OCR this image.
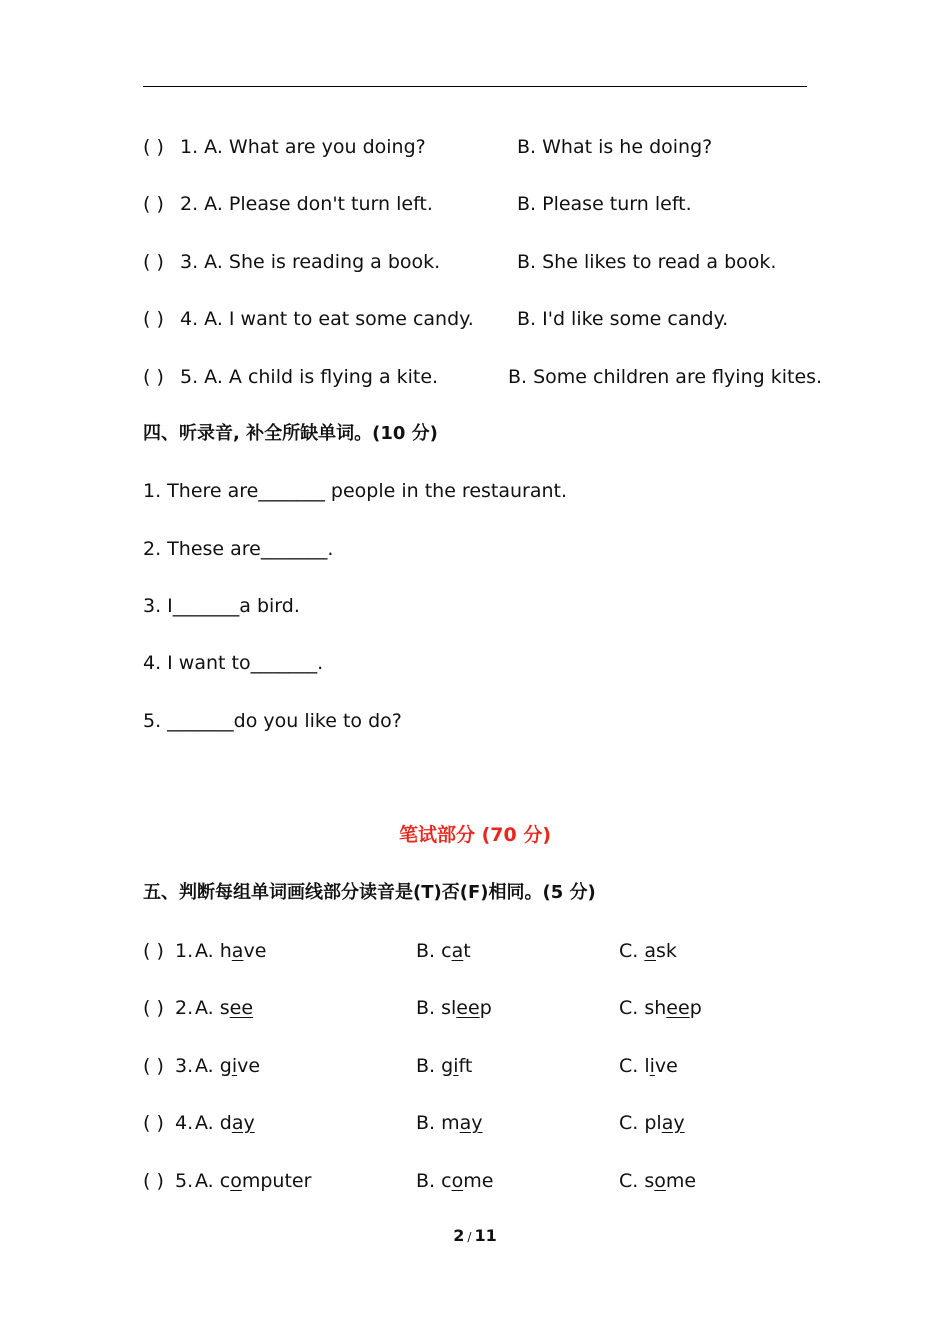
( ) 1. A. What are you doing?	B. What is he doing?
( ) 2. A. Please don't turn left.	B. Please turn left.
( ) 3. A. She is reading a book.	B. She likes to read a book.
( ) 4. A. I want to eat some candy. B. I'd like some candy.
( ) 5. A. A child is flying a kite.	B. Some children are flying kites.
四、听录音, 补全所缺单词。(10 分)
1. There are_______ people in the restaurant.
2. These are_______.
3. I_______a bird.
4. I want to_______.
5. _______do you like to do?
笔试部分 (70 分)
五、判断每组单词画线部分读音是(T)否(F)相同。(5 分)
( ) 1. A. have	B. cat	C. ask
( ) 2. A. see	B. sleep	C. sheep
( ) 3. A. give	B. gift	C. live
( ) 4. A. day	B. may	C. play
( ) 5. A. computer	B. come	C. some
2 / 11
